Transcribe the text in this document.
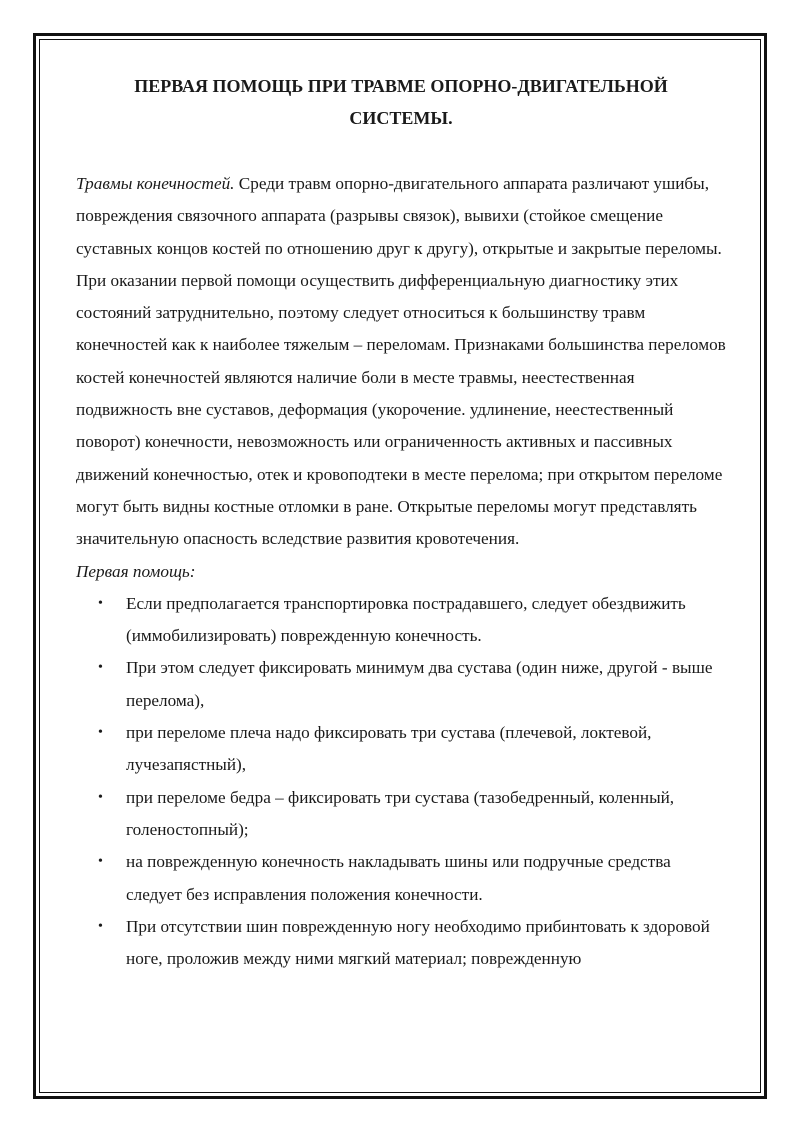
ПЕРВАЯ ПОМОЩЬ ПРИ ТРАВМЕ ОПОРНО-ДВИГАТЕЛЬНОЙ СИСТЕМЫ.

Травмы конечностей. Среди травм опорно-двигательного аппарата различают ушибы, повреждения связочного аппарата (разрывы связок), вывихи (стойкое смещение суставных концов костей по отношению друг к другу), открытые и закрытые переломы. При оказании первой помощи осуществить дифференциальную диагностику этих состояний затруднительно, поэтому следует относиться к большинству травм конечностей как к наиболее тяжелым – переломам. Признаками большинства переломов костей конечностей являются наличие боли в месте травмы, неестественная подвижность вне суставов, деформация (укорочение. удлинение, неестественный поворот) конечности, невозможность или ограниченность активных и пассивных движений конечностью, отек и кровоподтеки в месте перелома; при открытом переломе могут быть видны костные отломки в ране. Открытые переломы могут представлять значительную опасность вследствие развития кровотечения.

Первая помощь:

• Если предполагается транспортировка пострадавшего, следует обездвижить (иммобилизировать) поврежденную конечность.
• При этом следует фиксировать минимум два сустава (один ниже, другой - выше перелома),
• при переломе плеча надо фиксировать три сустава (плечевой, локтевой, лучезапястный),
• при переломе бедра – фиксировать три сустава (тазобедренный, коленный, голеностопный);
• на поврежденную конечность накладывать шины или подручные средства следует без исправления положения конечности.
• При отсутствии шин поврежденную ногу необходимо прибинтовать к здоровой ноге, проложив между ними мягкий материал; поврежденную
